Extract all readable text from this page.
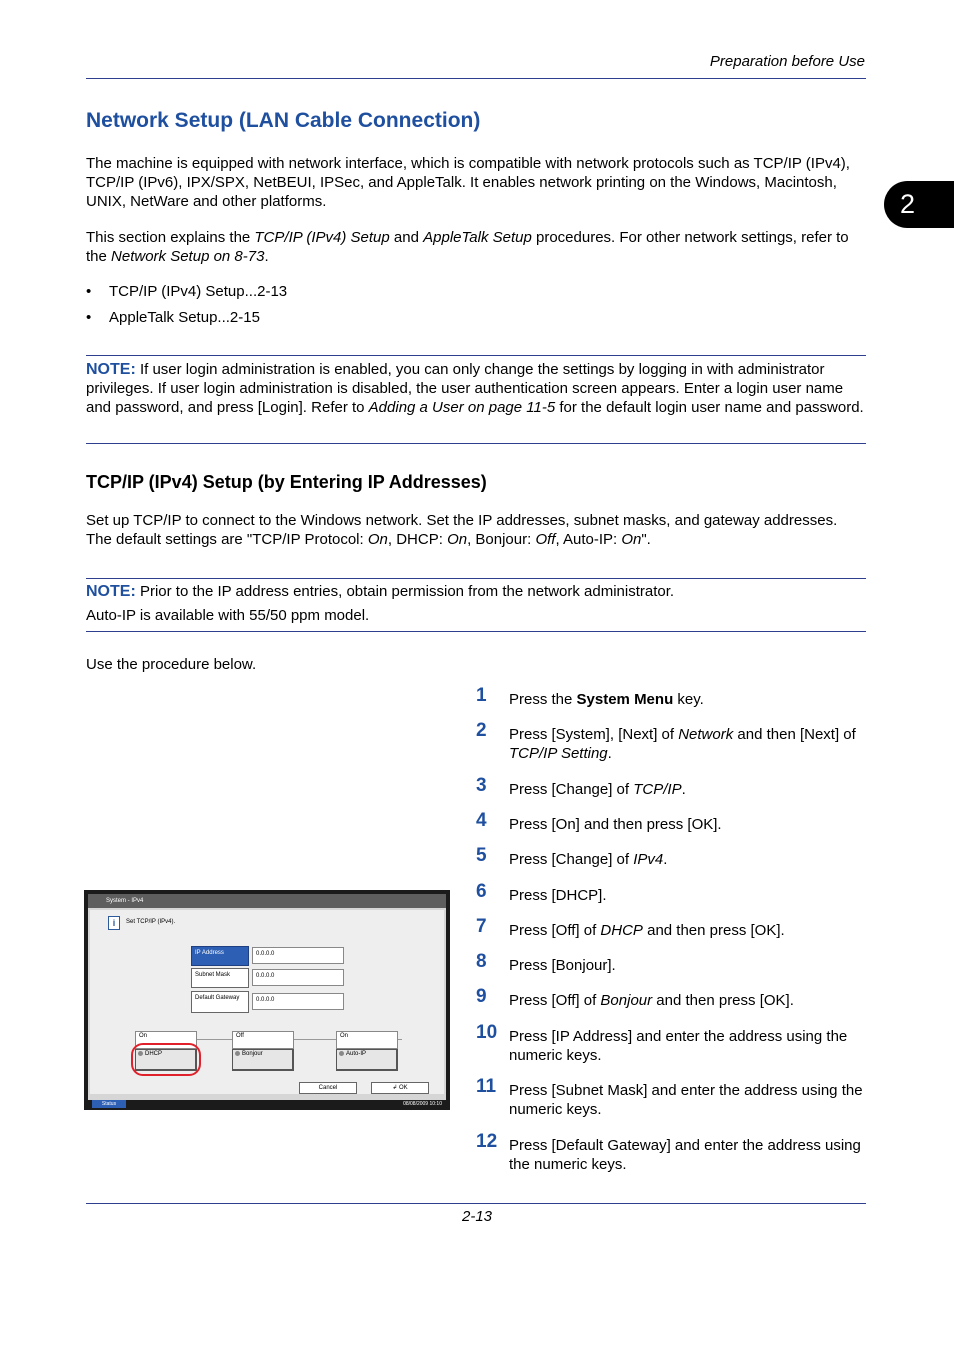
Preparation before Use
2
Network Setup (LAN Cable Connection)
The machine is equipped with network interface, which is compatible with network protocols such as TCP/IP (IPv4), TCP/IP (IPv6), IPX/SPX, NetBEUI, IPSec, and AppleTalk. It enables network printing on the Windows, Macintosh, UNIX, NetWare and other platforms.
This section explains the TCP/IP (IPv4) Setup and AppleTalk Setup procedures. For other network settings, refer to the Network Setup on 8-73.
• TCP/IP (IPv4) Setup...2-13
• AppleTalk Setup...2-15
NOTE: If user login administration is enabled, you can only change the settings by logging in with administrator privileges. If user login administration is disabled, the user authentication screen appears. Enter a login user name and password, and press [Login]. Refer to Adding a User on page 11-5 for the default login user name and password.
TCP/IP (IPv4) Setup (by Entering IP Addresses)
Set up TCP/IP to connect to the Windows network. Set the IP addresses, subnet masks, and gateway addresses. The default settings are "TCP/IP Protocol: On, DHCP: On, Bonjour: Off, Auto-IP: On".
NOTE: Prior to the IP address entries, obtain permission from the network administrator.
Auto-IP is available with 55/50 ppm model.
Use the procedure below.
1 Press the System Menu key.
2 Press [System], [Next] of Network and then [Next] of TCP/IP Setting.
3 Press [Change] of TCP/IP.
4 Press [On] and then press [OK].
5 Press [Change] of IPv4.
6 Press [DHCP].
7 Press [Off] of DHCP and then press [OK].
8 Press [Bonjour].
9 Press [Off] of Bonjour and then press [OK].
10 Press [IP Address] and enter the address using the numeric keys.
11 Press [Subnet Mask] and enter the address using the numeric keys.
12 Press [Default Gateway] and enter the address using the numeric keys.
System - IPv4
i	Set TCP/IP (IPv4).
IP Address	0.0.0.0
Subnet Mask	0.0.0.0
Default Gateway	0.0.0.0
On
DHCP
Off
Bonjour
On
Auto-IP
Cancel	↲ OK
Status	08/08/2009 10:10
2-13
